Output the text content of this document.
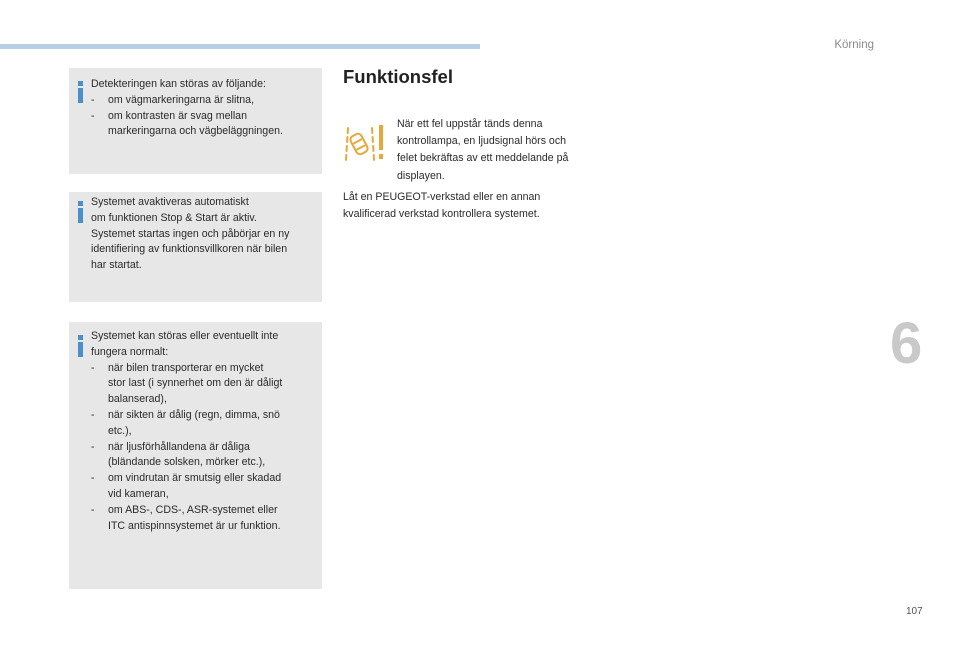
Körning
Detekteringen kan störas av följande:
- om vägmarkeringarna är slitna,
- om kontrasten är svag mellan
markeringarna och vägbeläggningen.
Systemet avaktiveras automatiskt
om funktionen Stop & Start är aktiv.
Systemet startas ingen och påbörjar en ny
identifiering av funktionsvillkoren när bilen
har startat.
Systemet kan störas eller eventuellt inte
fungera normalt:
- när bilen transporterar en mycket
stor last (i synnerhet om den är dåligt
balanserad),
- när sikten är dålig (regn, dimma, snö
etc.),
- när ljusförhållandena är dåliga
(bländande solsken, mörker etc.),
- om vindrutan är smutsig eller skadad
vid kameran,
- om ABS-, CDS-, ASR-systemet eller
ITC antispinnsystemet är ur funktion.
Funktionsfel
När ett fel uppstår tänds denna
kontrollampa, en ljudsignal hörs och
felet bekräftas av ett meddelande på
displayen.
Låt en PEUGEOT-verkstad eller en annan
kvalificerad verkstad kontrollera systemet.
6
107
